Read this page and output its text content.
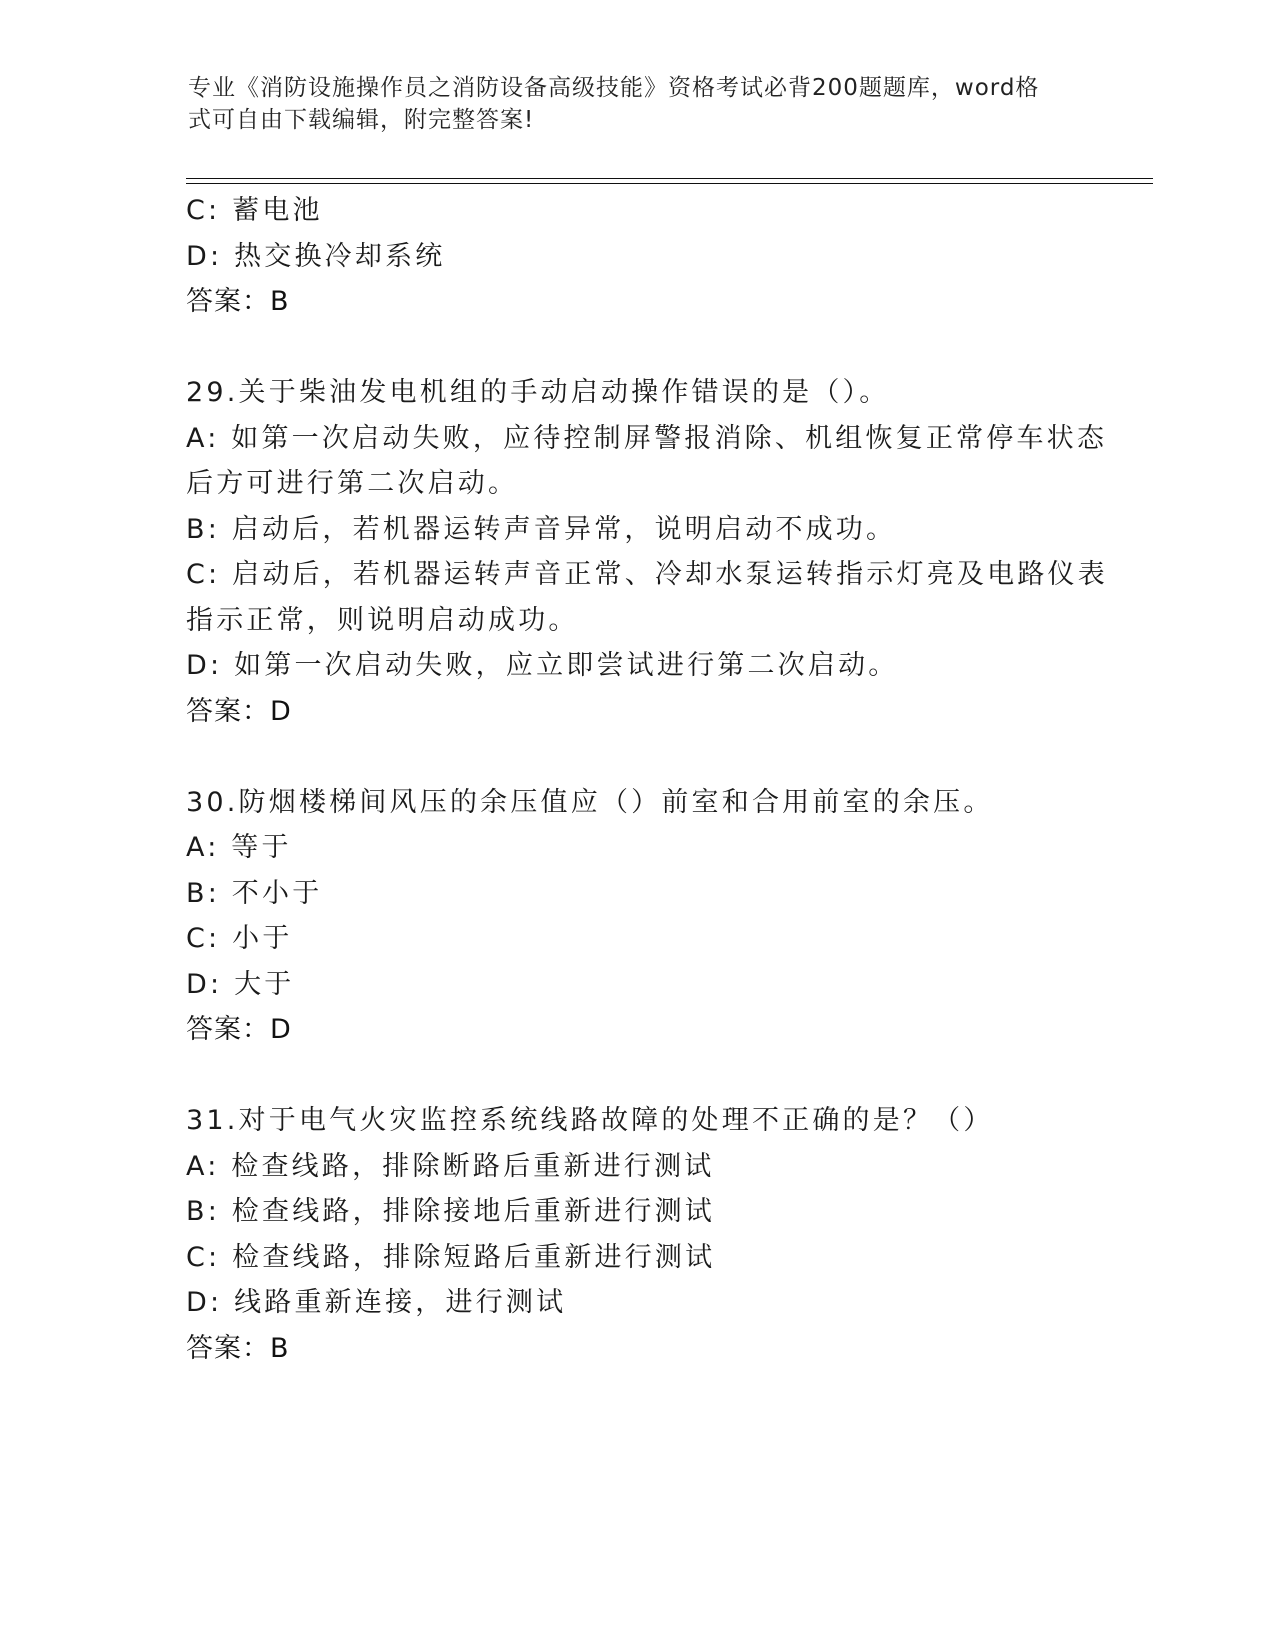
专业《消防设施操作员之消防设备高级技能》资格考试必背200题题库，word格
式可自由下载编辑，附完整答案!
C: 蓄电池
D: 热交换冷却系统
答案：B
29.关于柴油发电机组的手动启动操作错误的是（）。
A: 如第一次启动失败，应待控制屏警报消除、机组恢复正常停车状态
后方可进行第二次启动。
B: 启动后，若机器运转声音异常，说明启动不成功。
C: 启动后，若机器运转声音正常、冷却水泵运转指示灯亮及电路仪表
指示正常，则说明启动成功。
D: 如第一次启动失败，应立即尝试进行第二次启动。
答案：D
30.防烟楼梯间风压的余压值应（）前室和合用前室的余压。
A: 等于
B: 不小于
C: 小于
D: 大于
答案：D
31.对于电气火灾监控系统线路故障的处理不正确的是？（）
A: 检查线路，排除断路后重新进行测试
B: 检查线路，排除接地后重新进行测试
C: 检查线路，排除短路后重新进行测试
D: 线路重新连接，进行测试
答案：B
